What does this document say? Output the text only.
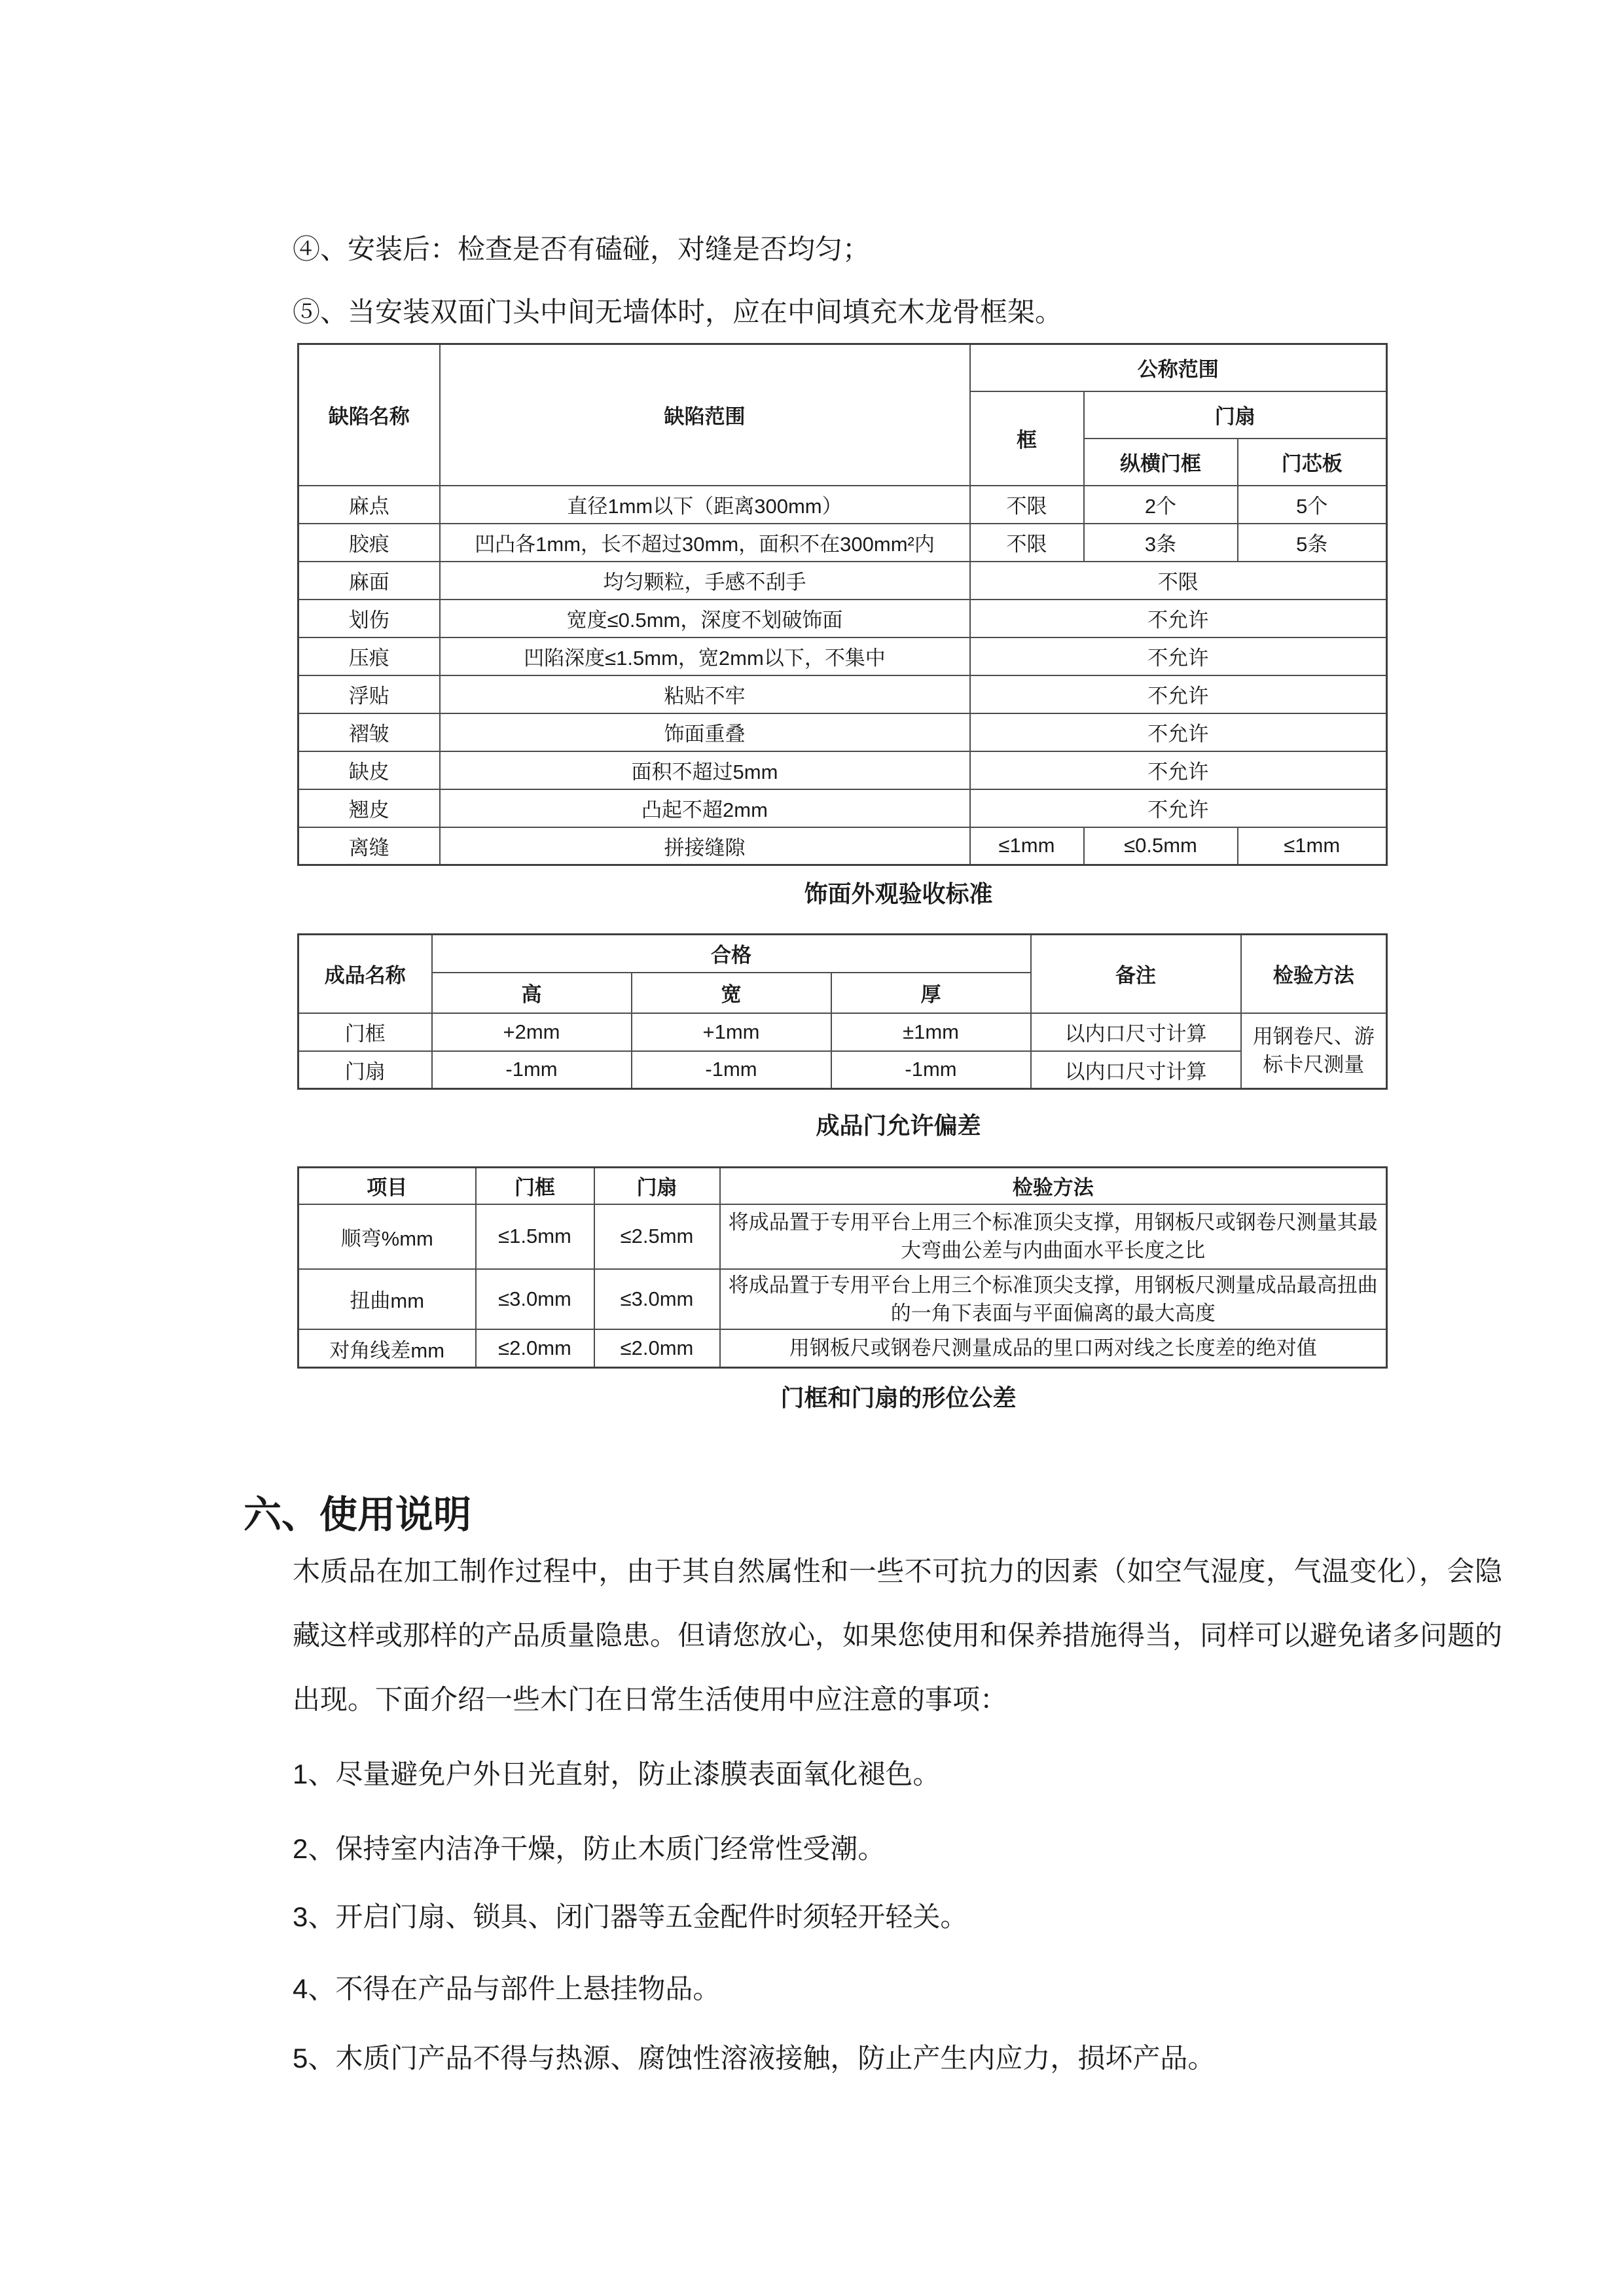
④、安装后：检查是否有磕碰，对缝是否均匀；

⑤、当安装双面门头中间无墙体时，应在中间填充木龙骨框架。

缺陷名称	缺陷范围	公称范围		
		框	门扇	
			纵横门框	门芯板
麻点	直径1mm以下（距离300mm）	不限	2个	5个
胶痕	凹凸各1mm，长不超过30mm，面积不在300mm²内	不限	3条	5条
麻面	均匀颗粒，手感不刮手	不限		
划伤	宽度≤0.5mm，深度不划破饰面	不允许		
压痕	凹陷深度≤1.5mm，宽2mm以下，不集中	不允许		
浮贴	粘贴不牢	不允许		
褶皱	饰面重叠	不允许		
缺皮	面积不超过5mm	不允许		
翘皮	凸起不超2mm	不允许		
离缝	拼接缝隙	≤1mm	≤0.5mm	≤1mm
饰面外观验收标准
成品名称	合格			备注	检验方法
	高	宽	厚		
门框	+2mm	+1mm	±1mm	以内口尺寸计算	用钢卷尺、游标卡尺测量
门扇	-1mm	-1mm	-1mm	以内口尺寸计算	
成品门允许偏差
项目	门框	门扇	检验方法
顺弯%mm	≤1.5mm	≤2.5mm	将成品置于专用平台上用三个标准顶尖支撑，用钢板尺或钢卷尺测量其最大弯曲公差与内曲面水平长度之比
扭曲mm	≤3.0mm	≤3.0mm	将成品置于专用平台上用三个标准顶尖支撑，用钢板尺测量成品最高扭曲的一角下表面与平面偏离的最大高度
对角线差mm	≤2.0mm	≤2.0mm	用钢板尺或钢卷尺测量成品的里口两对线之长度差的绝对值
门框和门扇的形位公差
六、使用说明

木质品在加工制作过程中，由于其自然属性和一些不可抗力的因素（如空气湿度，气温变化），会隐藏这样或那样的产品质量隐患。但请您放心，如果您使用和保养措施得当，同样可以避免诸多问题的出现。下面介绍一些木门在日常生活使用中应注意的事项：

1、尽量避免户外日光直射，防止漆膜表面氧化褪色。

2、保持室内洁净干燥，防止木质门经常性受潮。

3、开启门扇、锁具、闭门器等五金配件时须轻开轻关。

4、不得在产品与部件上悬挂物品。

5、木质门产品不得与热源、腐蚀性溶液接触，防止产生内应力，损坏产品。
